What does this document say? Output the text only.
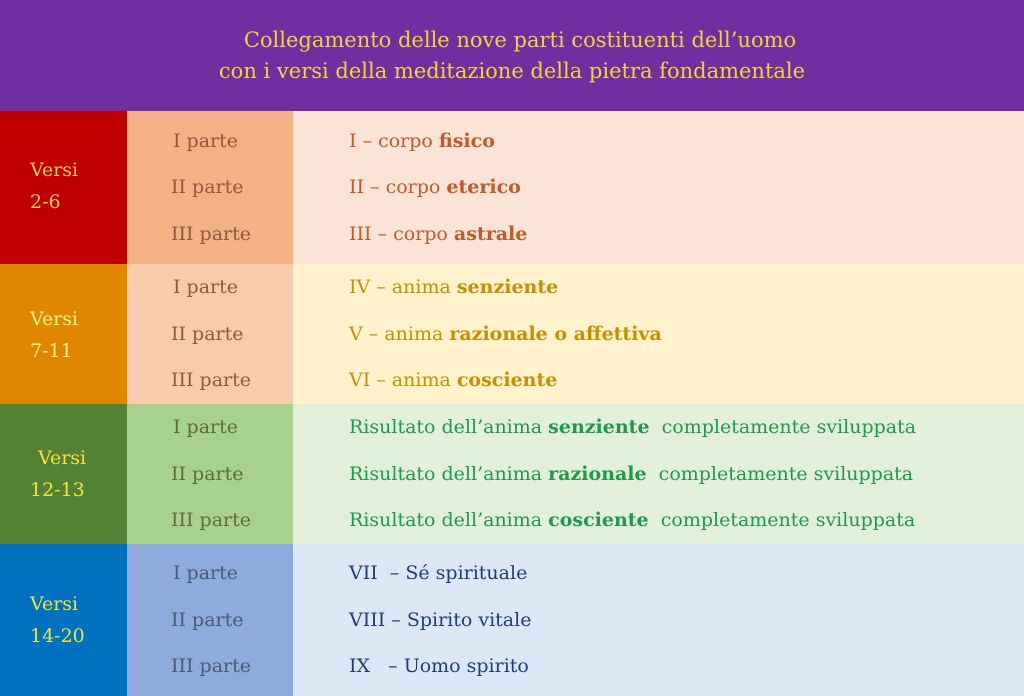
Collegamento delle nove parti costituenti dell’uomo
con i versi della meditazione della pietra fondamentale
Versi
2-6
I parte
II parte
III parte
I – corpo fisico
II – corpo eterico
III – corpo astrale
Versi
7-11
I parte
II parte
III parte
IV – anima senziente
V – anima razionale o affettiva
VI – anima cosciente
Versi
12-13
I parte
II parte
III parte
Risultato dell’anima senziente  completamente sviluppata
Risultato dell’anima razionale  completamente sviluppata
Risultato dell’anima cosciente  completamente sviluppata
Versi
14-20
I parte
II parte
III parte
VII  – Sé spirituale
VIII – Spirito vitale
IX   – Uomo spirito
